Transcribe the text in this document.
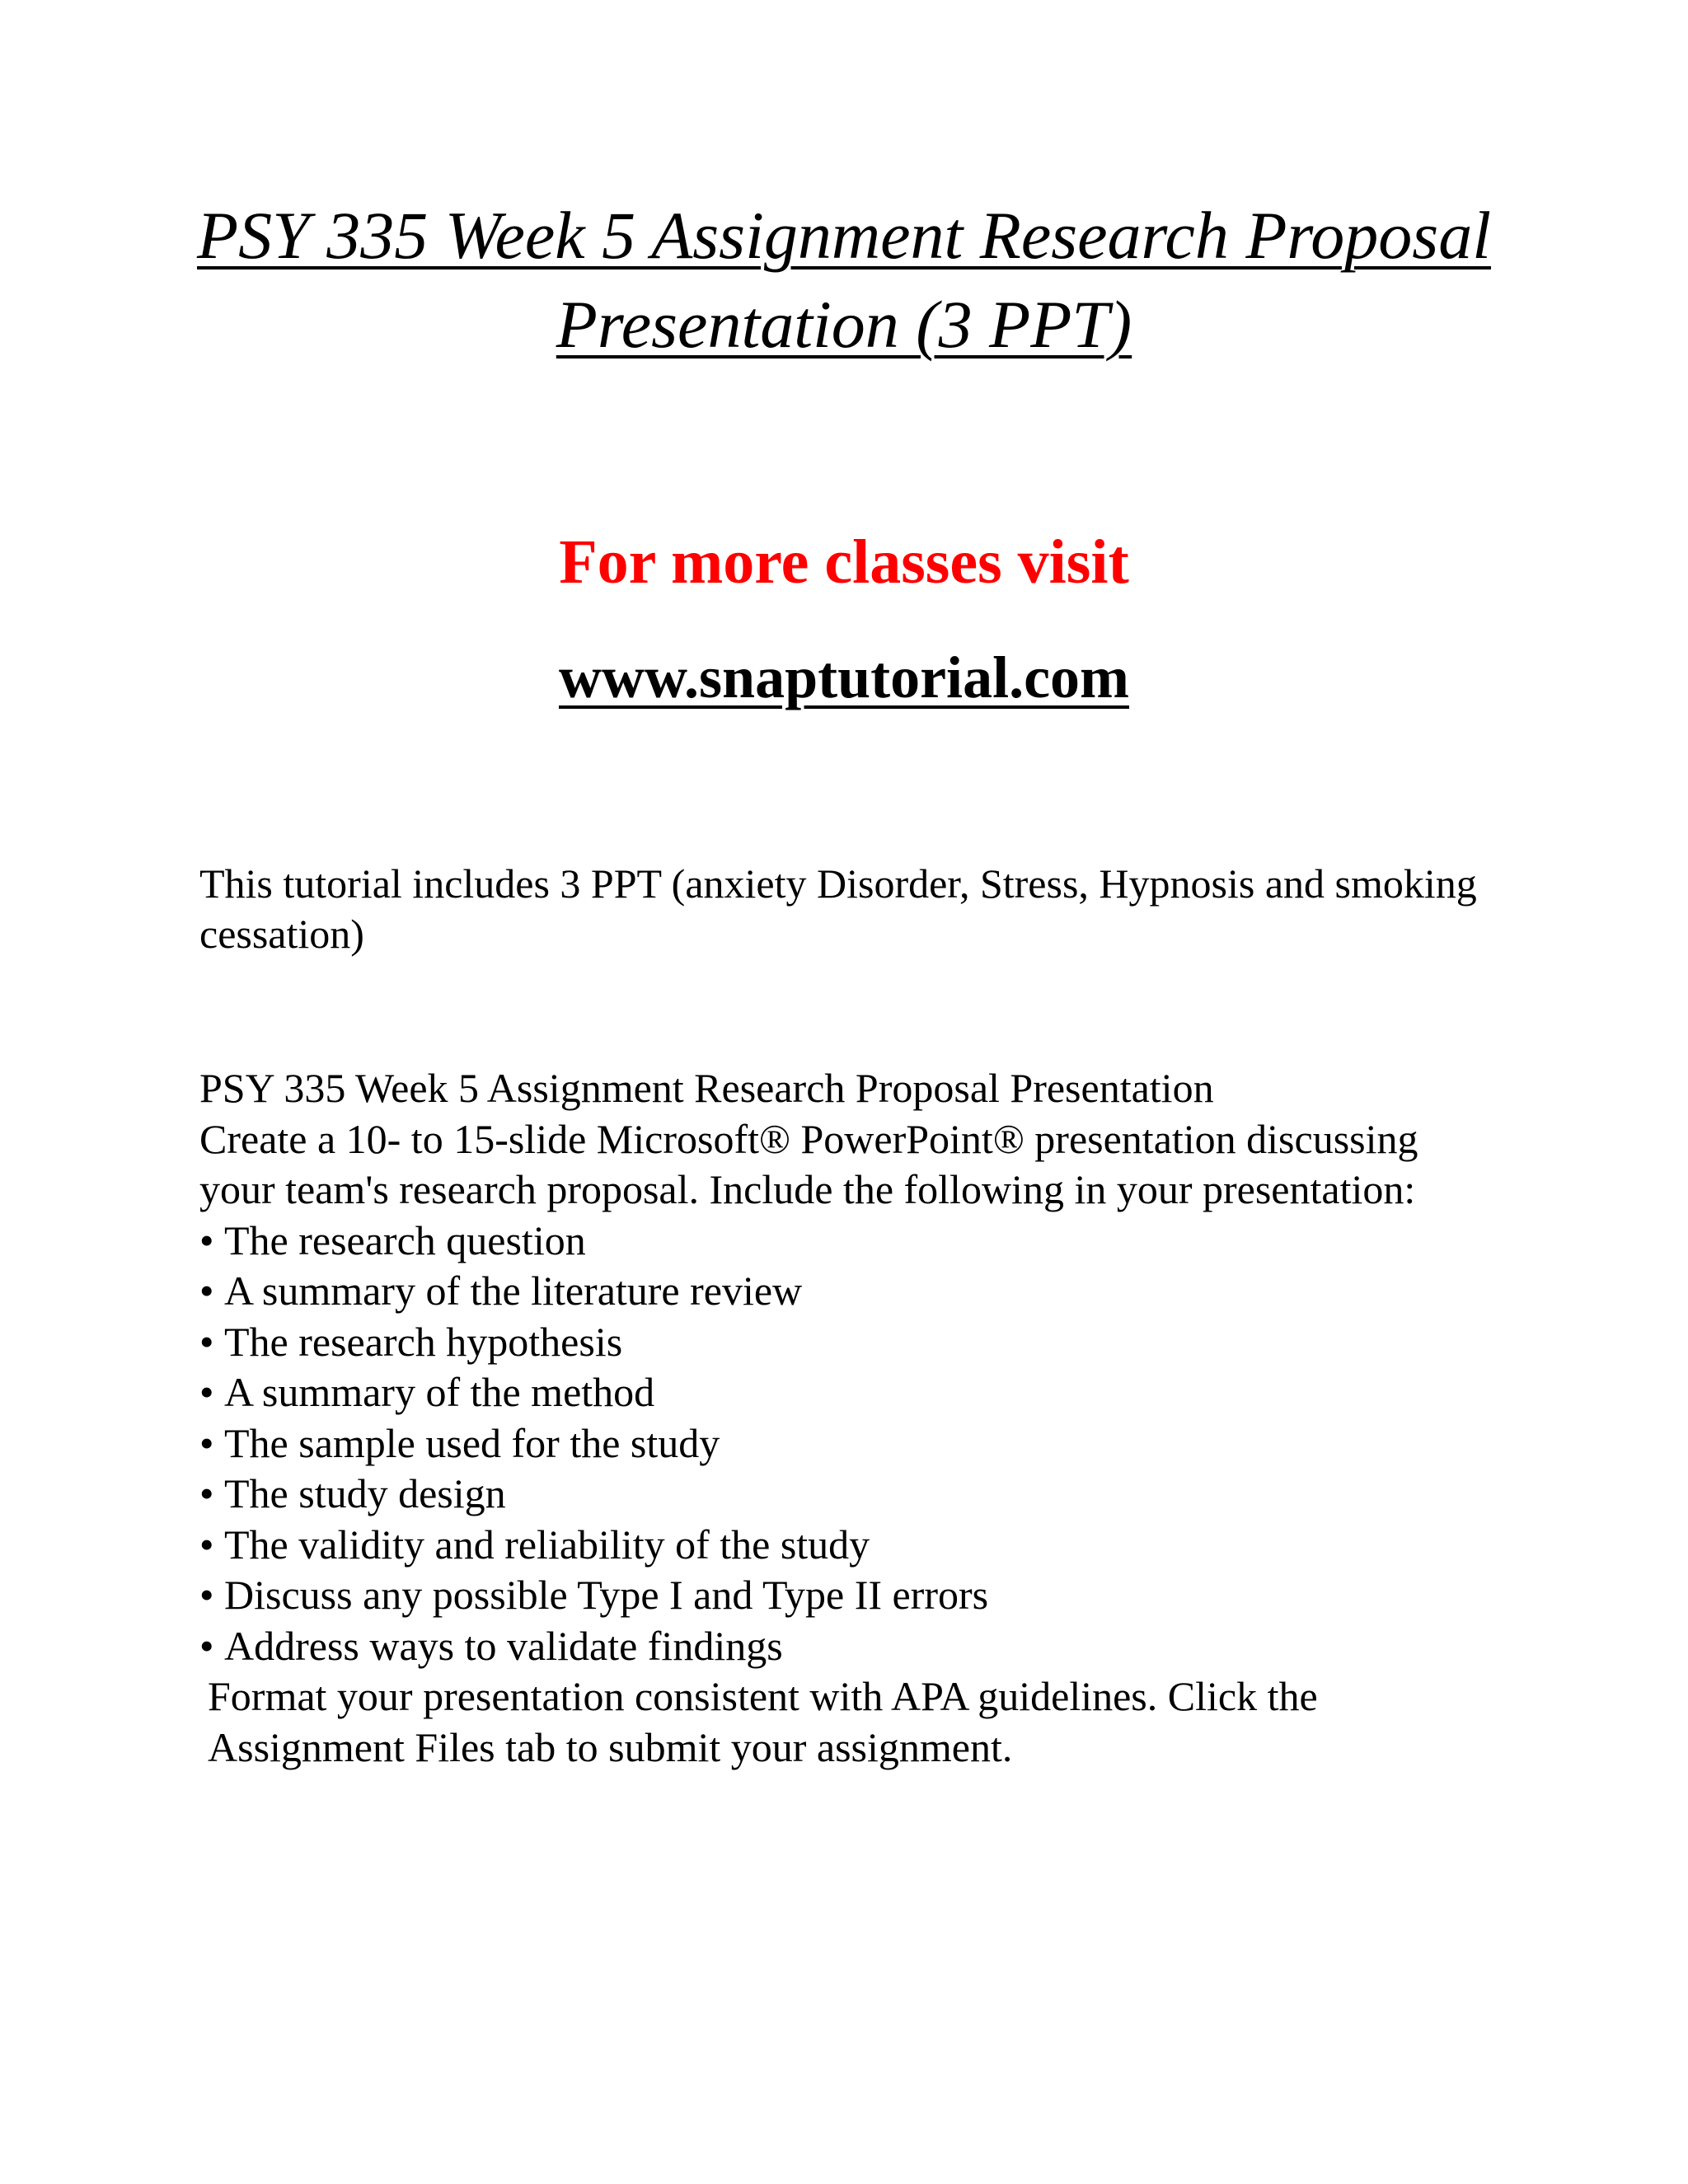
PSY 335 Week 5 Assignment Research Proposal Presentation (3 PPT)

For more classes visit

www.snaptutorial.com

This tutorial includes 3 PPT (anxiety Disorder, Stress, Hypnosis and smoking cessation)

PSY 335 Week 5 Assignment Research Proposal Presentation

Create a 10- to 15-slide Microsoft® PowerPoint® presentation discussing your team's research proposal. Include the following in your presentation:

• The research question
• A summary of the literature review
• The research hypothesis
• A summary of the method
• The sample used for the study
• The study design
• The validity and reliability of the study
• Discuss any possible Type I and Type II errors
• Address ways to validate findings

Format your presentation consistent with APA guidelines. Click the Assignment Files tab to submit your assignment.
